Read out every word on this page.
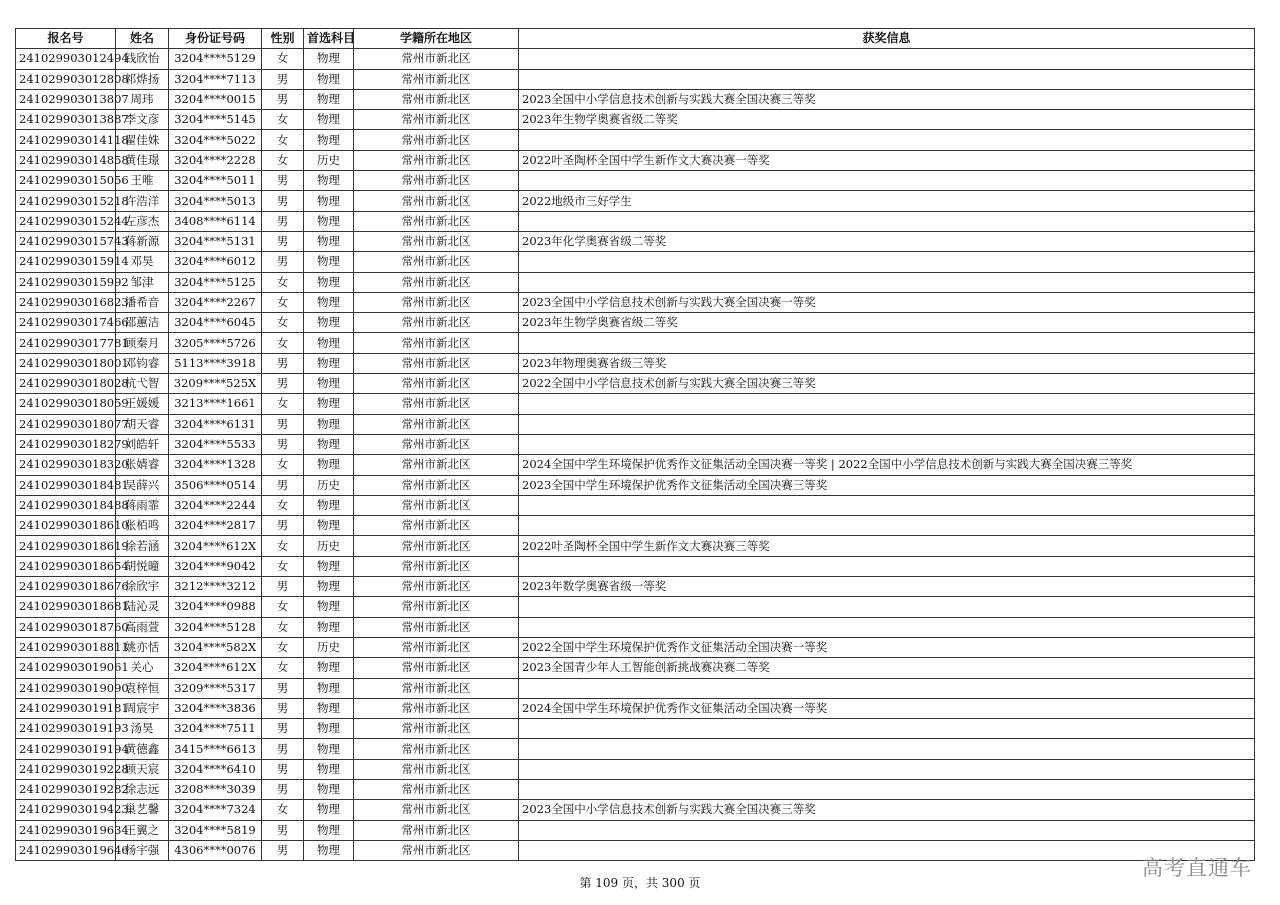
报名号	姓名	身份证号码	性别	首选科目	学籍所在地区	获奖信息
241029903012494	钱欣怡	3204****5129	女	物理	常州市新北区	
241029903012808	祁烨扬	3204****7113	男	物理	常州市新北区	
241029903013807	周玮	3204****0015	男	物理	常州市新北区	2023全国中小学信息技术创新与实践大赛全国决赛三等奖
241029903013887	李文彦	3204****5145	女	物理	常州市新北区	2023年生物学奥赛省级二等奖
241029903014118	翟佳姝	3204****5022	女	物理	常州市新北区	
241029903014858	黄佳璟	3204****2228	女	历史	常州市新北区	2022叶圣陶杯全国中学生新作文大赛决赛一等奖
241029903015056	王唯	3204****5011	男	物理	常州市新北区	
241029903015218	许浩洋	3204****5013	男	物理	常州市新北区	2022地级市三好学生
241029903015244	左彦杰	3408****6114	男	物理	常州市新北区	
241029903015743	蒋新源	3204****5131	男	物理	常州市新北区	2023年化学奥赛省级二等奖
241029903015914	邓昊	3204****6012	男	物理	常州市新北区	
241029903015992	邹津	3204****5125	女	物理	常州市新北区	
241029903016823	潘希音	3204****2267	女	物理	常州市新北区	2023全国中小学信息技术创新与实践大赛全国决赛一等奖
241029903017466	邵蕙洁	3204****6045	女	物理	常州市新北区	2023年生物学奥赛省级二等奖
241029903017781	顾秦月	3205****5726	女	物理	常州市新北区	
241029903018001	邓钧睿	5113****3918	男	物理	常州市新北区	2023年物理奥赛省级三等奖
241029903018028	杭弋智	3209****525X	男	物理	常州市新北区	2022全国中小学信息技术创新与实践大赛全国决赛三等奖
241029903018059	王媛媛	3213****1661	女	物理	常州市新北区	
241029903018077	胡天睿	3204****6131	男	物理	常州市新北区	
241029903018279	刘皓轩	3204****5533	男	物理	常州市新北区	
241029903018320	张婧睿	3204****1328	女	物理	常州市新北区	2024全国中学生环境保护优秀作文征集活动全国决赛一等奖 | 2022全国中小学信息技术创新与实践大赛全国决赛三等奖
241029903018481	吴薛兴	3506****0514	男	历史	常州市新北区	2023全国中学生环境保护优秀作文征集活动全国决赛三等奖
241029903018488	蒋雨霏	3204****2244	女	物理	常州市新北区	
241029903018610	张栢鸣	3204****2817	男	物理	常州市新北区	
241029903018619	徐若涵	3204****612X	女	历史	常州市新北区	2022叶圣陶杯全国中学生新作文大赛决赛三等奖
241029903018654	胡悦曈	3204****9042	女	物理	常州市新北区	
241029903018676	徐欣宇	3212****3212	男	物理	常州市新北区	2023年数学奥赛省级一等奖
241029903018681	陆沁灵	3204****0988	女	物理	常州市新北区	
241029903018760	高雨萱	3204****5128	女	物理	常州市新北区	
241029903018811	姚亦恬	3204****582X	女	历史	常州市新北区	2022全国中学生环境保护优秀作文征集活动全国决赛一等奖
241029903019061	关心	3204****612X	女	物理	常州市新北区	2023全国青少年人工智能创新挑战赛决赛二等奖
241029903019090	袁梓恒	3209****5317	男	物理	常州市新北区	
241029903019181	周宸宇	3204****3836	男	物理	常州市新北区	2024全国中学生环境保护优秀作文征集活动全国决赛一等奖
241029903019193	汤昊	3204****7511	男	物理	常州市新北区	
241029903019194	黄德鑫	3415****6613	男	物理	常州市新北区	
241029903019228	顾天宸	3204****6410	男	物理	常州市新北区	
241029903019282	徐志远	3208****3039	男	物理	常州市新北区	
241029903019423	巢艺馨	3204****7324	女	物理	常州市新北区	2023全国中小学信息技术创新与实践大赛全国决赛三等奖
241029903019634	王翼之	3204****5819	男	物理	常州市新北区	
241029903019646	杨宇强	4306****0076	男	物理	常州市新北区	
第 109 页，共 300 页
高考直通车
